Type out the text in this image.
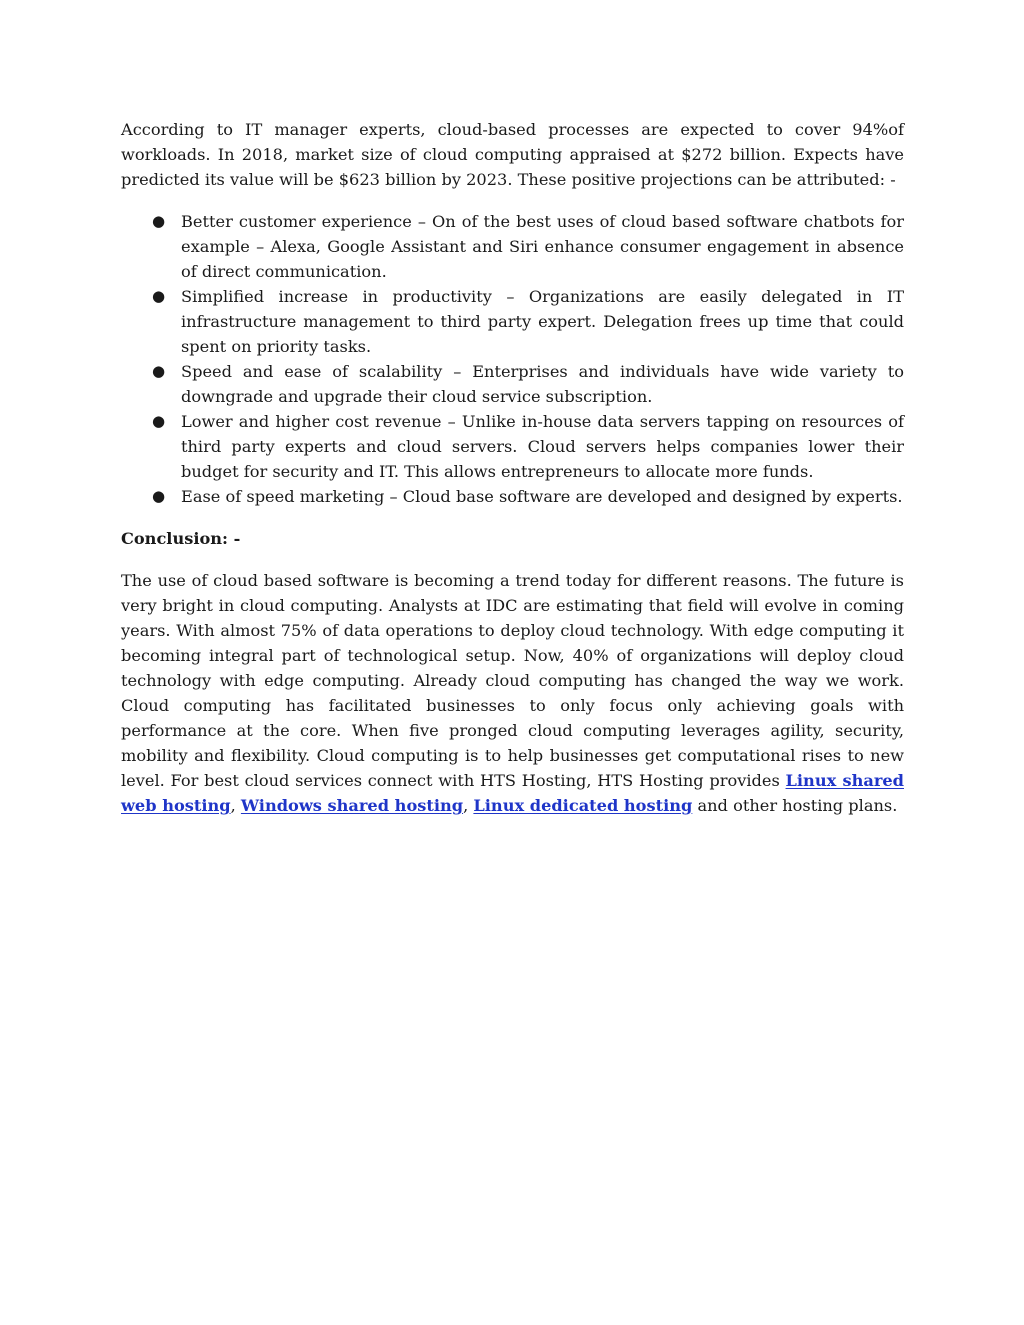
According to IT manager experts, cloud-based processes are expected to cover 94%of workloads. In 2018, market size of cloud computing appraised at $272 billion. Expects have predicted its value will be $623 billion by 2023. These positive projections can be attributed: -

● Better customer experience – On of the best uses of cloud based software chatbots for example – Alexa, Google Assistant and Siri enhance consumer engagement in absence of direct communication.
● Simplified increase in productivity – Organizations are easily delegated in IT infrastructure management to third party expert. Delegation frees up time that could spent on priority tasks.
● Speed and ease of scalability – Enterprises and individuals have wide variety to downgrade and upgrade their cloud service subscription.
● Lower and higher cost revenue – Unlike in-house data servers tapping on resources of third party experts and cloud servers. Cloud servers helps companies lower their budget for security and IT. This allows entrepreneurs to allocate more funds.
● Ease of speed marketing – Cloud base software are developed and designed by experts.

Conclusion: -

The use of cloud based software is becoming a trend today for different reasons. The future is very bright in cloud computing. Analysts at IDC are estimating that field will evolve in coming years. With almost 75% of data operations to deploy cloud technology. With edge computing it becoming integral part of technological setup. Now, 40% of organizations will deploy cloud technology with edge computing. Already cloud computing has changed the way we work. Cloud computing has facilitated businesses to only focus only achieving goals with performance at the core. When five pronged cloud computing leverages agility, security, mobility and flexibility. Cloud computing is to help businesses get computational rises to new level. For best cloud services connect with HTS Hosting, HTS Hosting provides Linux shared web hosting, Windows shared hosting, Linux dedicated hosting and other hosting plans.
